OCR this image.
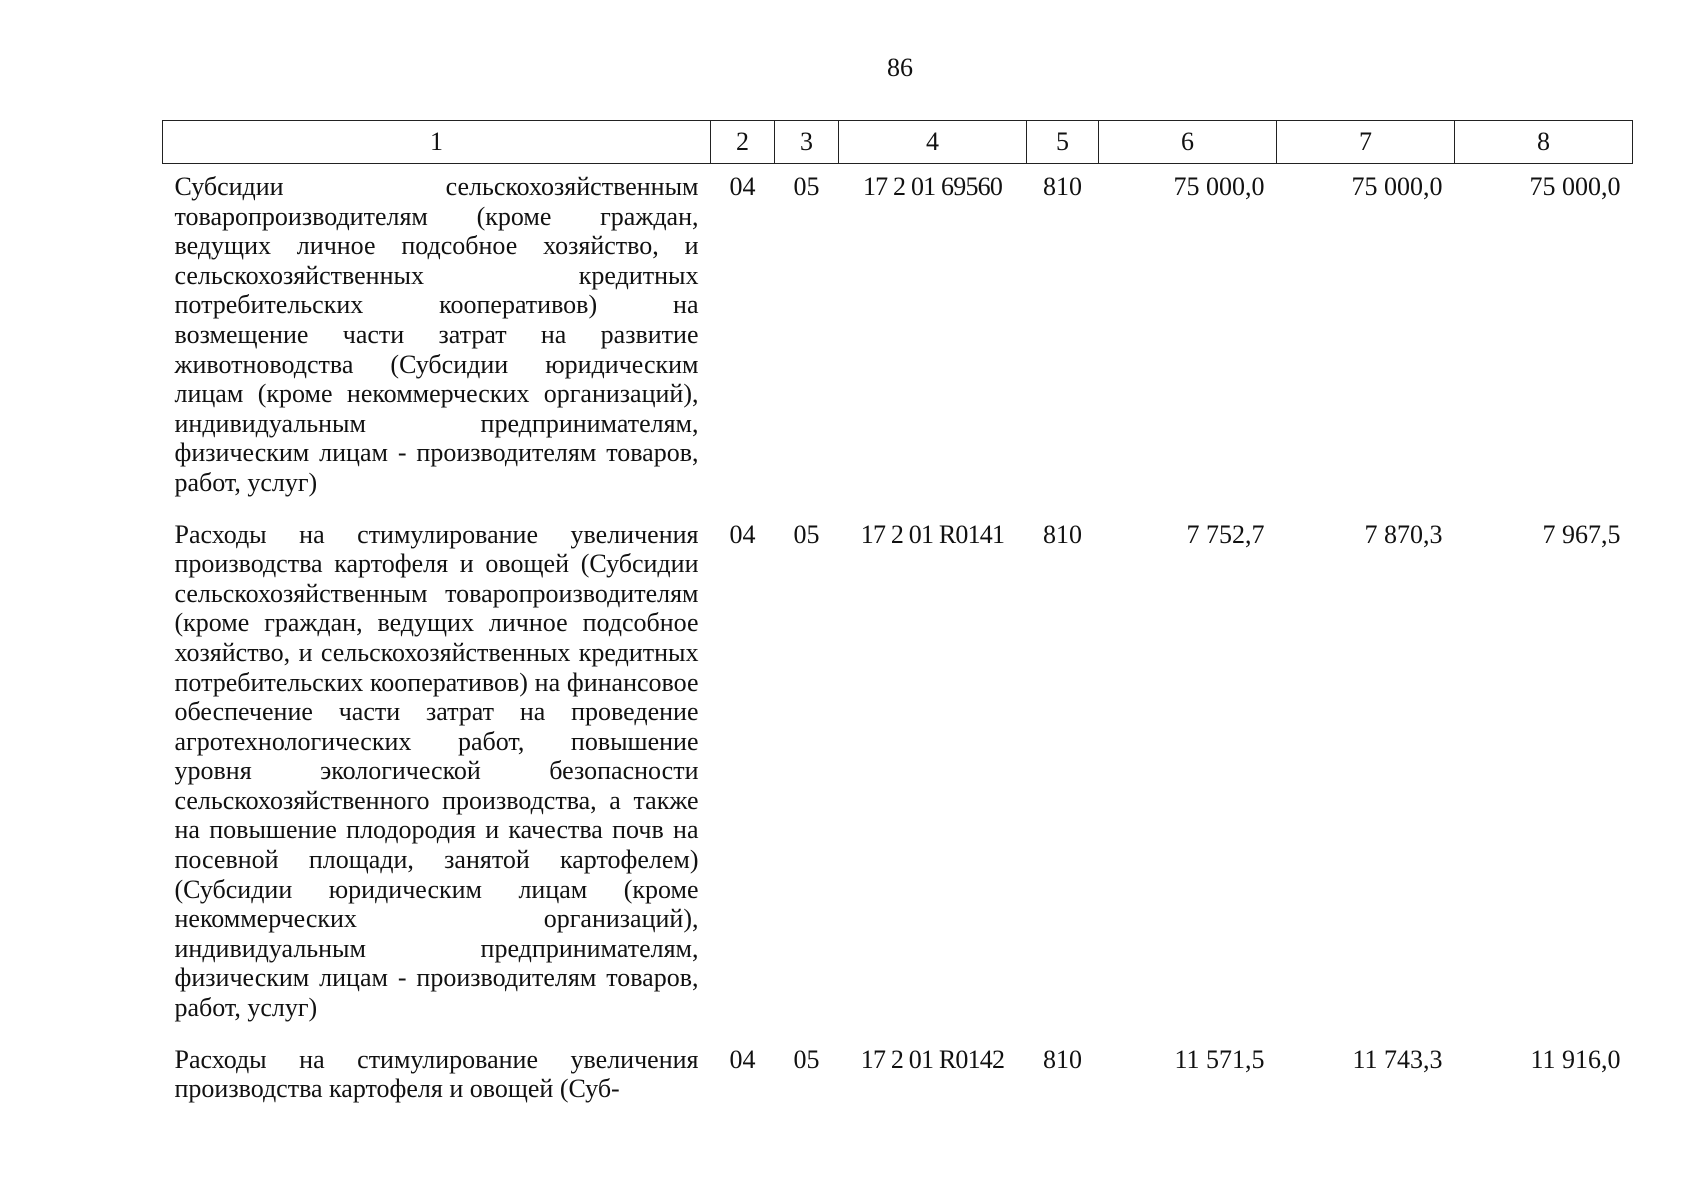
86
1	2	3	4	5	6	7	8
Субсидии сельскохозяйственным товаропроизводителям (кроме граждан, ведущих личное подсобное хозяйство, и сельскохозяйственных кредитных потребительских кооперативов) на возмещение части затрат на развитие животноводства (Субсидии юридическим лицам (кроме некоммерческих организаций), индивидуальным предпринимателям, физическим лицам - производителям товаров, работ, услуг)	04	05	17 2 01 69560	810	75 000,0	75 000,0	75 000,0
Расходы на стимулирование увеличения производства картофеля и овощей (Субсидии сельскохозяйственным товаропроизводителям (кроме граждан, ведущих личное подсобное хозяйство, и сельскохозяйственных кредитных потребительских кооперативов) на финансовое обеспечение части затрат на проведение агротехнологических работ, повышение уровня экологической безопасности сельскохозяйственного производства, а также на повышение плодородия и качества почв на посевной площади, занятой картофелем) (Субсидии юридическим лицам (кроме некоммерческих организаций), индивидуальным предпринимателям, физическим лицам - производителям товаров, работ, услуг)	04	05	17 2 01 R0141	810	7 752,7	7 870,3	7 967,5
Расходы на стимулирование увеличения производства картофеля и овощей (Суб-	04	05	17 2 01 R0142	810	11 571,5	11 743,3	11 916,0
